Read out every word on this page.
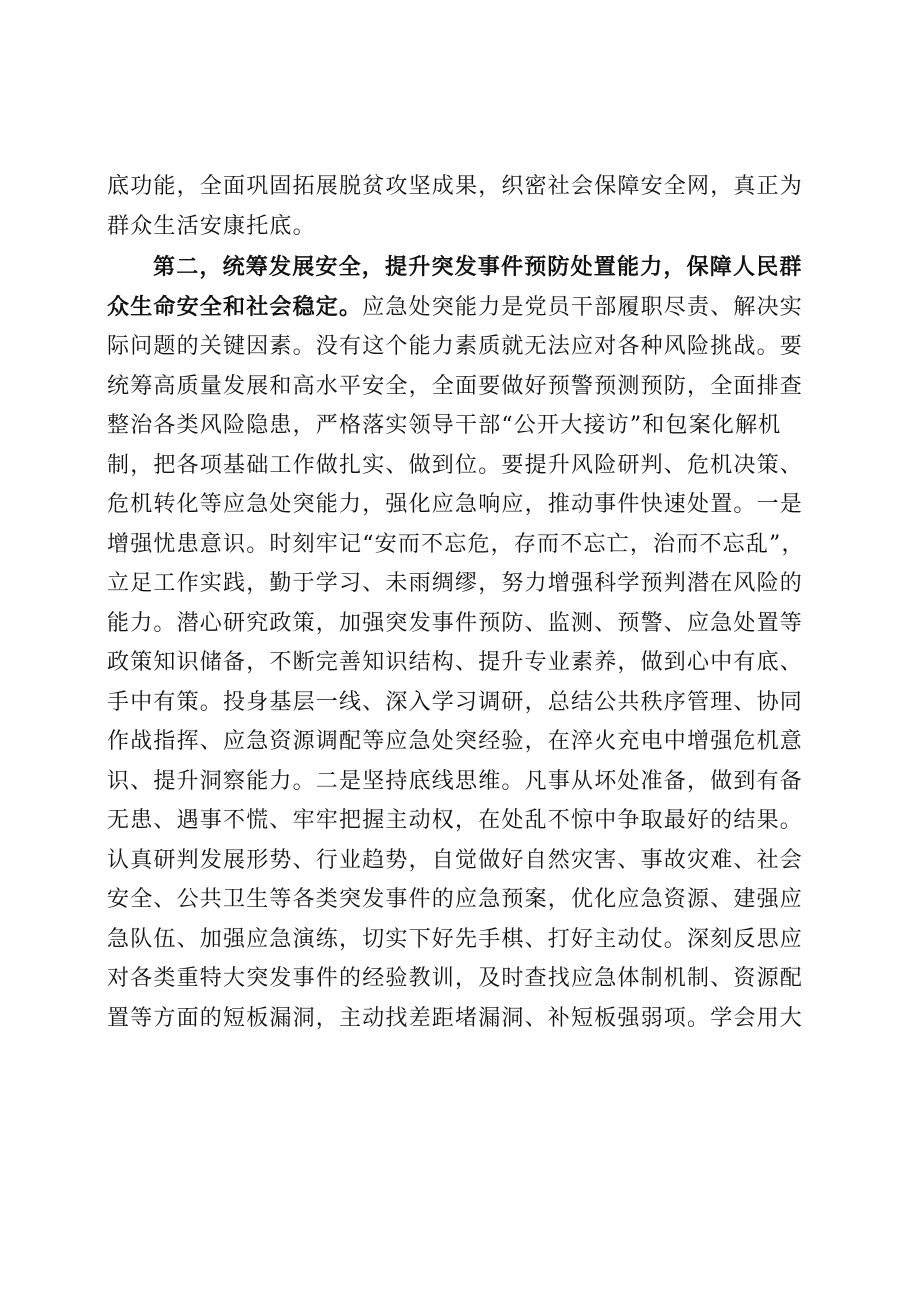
底功能，全面巩固拓展脱贫攻坚成果，织密社会保障安全网，真正为
群众生活安康托底。
第二，统筹发展安全，提升突发事件预防处置能力，保障人民群
众生命安全和社会稳定。应急处突能力是党员干部履职尽责、解决实
际问题的关键因素。没有这个能力素质就无法应对各种风险挑战。要
统筹高质量发展和高水平安全，全面要做好预警预测预防，全面排查
整治各类风险隐患，严格落实领导干部“公开大接访”和包案化解机
制，把各项基础工作做扎实、做到位。要提升风险研判、危机决策、
危机转化等应急处突能力，强化应急响应，推动事件快速处置。一是
增强忧患意识。时刻牢记“安而不忘危，存而不忘亡，治而不忘乱”，
立足工作实践，勤于学习、未雨绸缪，努力增强科学预判潜在风险的
能力。潜心研究政策，加强突发事件预防、监测、预警、应急处置等
政策知识储备，不断完善知识结构、提升专业素养，做到心中有底、
手中有策。投身基层一线、深入学习调研，总结公共秩序管理、协同
作战指挥、应急资源调配等应急处突经验，在淬火充电中增强危机意
识、提升洞察能力。二是坚持底线思维。凡事从坏处准备，做到有备
无患、遇事不慌、牢牢把握主动权，在处乱不惊中争取最好的结果。
认真研判发展形势、行业趋势，自觉做好自然灾害、事故灾难、社会
安全、公共卫生等各类突发事件的应急预案，优化应急资源、建强应
急队伍、加强应急演练，切实下好先手棋、打好主动仗。深刻反思应
对各类重特大突发事件的经验教训，及时查找应急体制机制、资源配
置等方面的短板漏洞，主动找差距堵漏洞、补短板强弱项。学会用大
